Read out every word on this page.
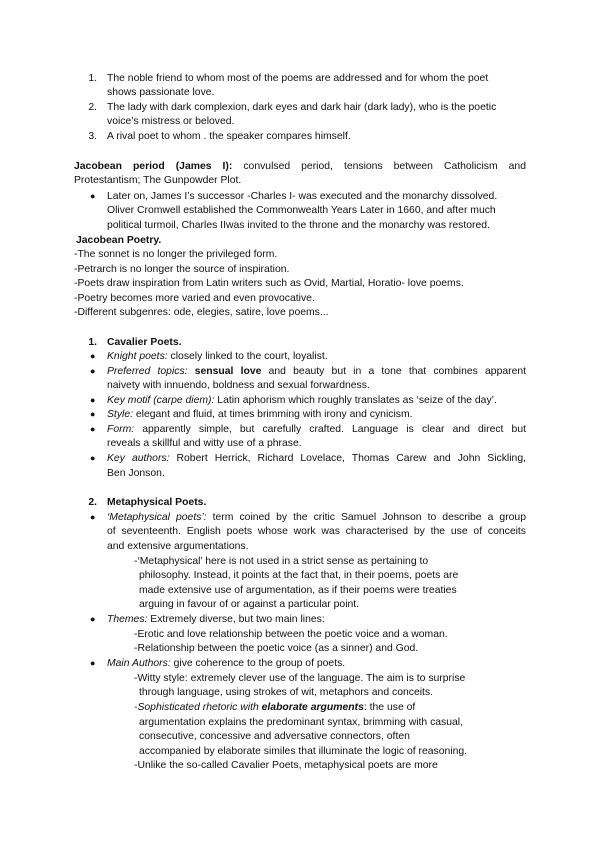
1. The noble friend to whom most of the poems are addressed and for whom the poet
shows passionate love.
2. The lady with dark complexion, dark eyes and dark hair (dark lady), who is the poetic
voice’s mistress or beloved.
3. A rival poet to whom . the speaker compares himself.
Jacobean period (James I): convulsed period, tensions between Catholicism and
Protestantism; The Gunpowder Plot.
● Later on, James I’s successor -Charles I- was executed and the monarchy dissolved.
Oliver Cromwell established the Commonwealth Years Later in 1660, and after much
political turmoil, Charles IIwas invited to the throne and the monarchy was restored.
Jacobean Poetry.
-The sonnet is no longer the privileged form.
-Petrarch is no longer the source of inspiration.
-Poets draw inspiration from Latin writers such as Ovid, Martial, Horatio- love poems.
-Poetry becomes more varied and even provocative.
-Different subgenres: ode, elegies, satire, love poems...
1. Cavalier Poets.
● Knight poets: closely linked to the court, loyalist.
● Preferred topics: sensual love and beauty but in a tone that combines apparent
naivety with innuendo, boldness and sexual forwardness.
● Key motif (carpe diem): Latin aphorism which roughly translates as ‘seize of the day’.
● Style: elegant and fluid, at times brimming with irony and cynicism.
● Form: apparently simple, but carefully crafted. Language is clear and direct but
reveals a skillful and witty use of a phrase.
● Key authors: Robert Herrick, Richard Lovelace, Thomas Carew and John Sickling,
Ben Jonson.
2. Metaphysical Poets.
● ‘Metaphysical poets’: term coined by the critic Samuel Johnson to describe a group
of seventeenth. English poets whose work was characterised by the use of conceits
and extensive argumentations.
-‘Metaphysical’ here is not used in a strict sense as pertaining to
philosophy. Instead, it points at the fact that, in their poems, poets are
made extensive use of argumentation, as if their poems were treaties
arguing in favour of or against a particular point.
● Themes: Extremely diverse, but two main lines:
-Erotic and love relationship between the poetic voice and a woman.
-Relationship between the poetic voice (as a sinner) and God.
● Main Authors: give coherence to the group of poets.
-Witty style: extremely clever use of the language. The aim is to surprise
through language, using strokes of wit, metaphors and conceits.
-Sophisticated rhetoric with elaborate arguments: the use of
argumentation explains the predominant syntax, brimming with casual,
consecutive, concessive and adversative connectors, often
accompanied by elaborate similes that illuminate the logic of reasoning.
-Unlike the so-called Cavalier Poets, metaphysical poets are more
